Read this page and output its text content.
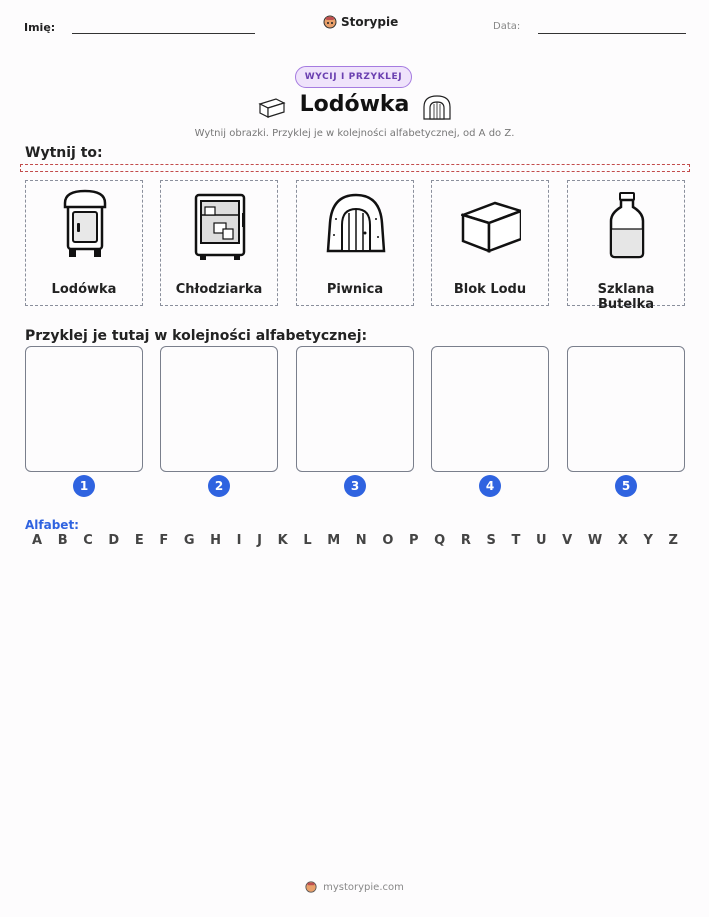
Imię:	Storypie	Data:
WYCIJ I PRZYKLEJ
Lodówka
Wytnij obrazki. Przyklej je w kolejności alfabetycznej, od A do Z.
Wytnij to:
Lodówka	Chłodziarka	Piwnica	Blok Lodu	Szklana Butelka
Przyklej je tutaj w kolejności alfabetycznej:
1	2	3	4	5
Alfabet:
A B C D E F G H I J K L M N O P Q R S T U V W X Y Z
mystorypie.com
